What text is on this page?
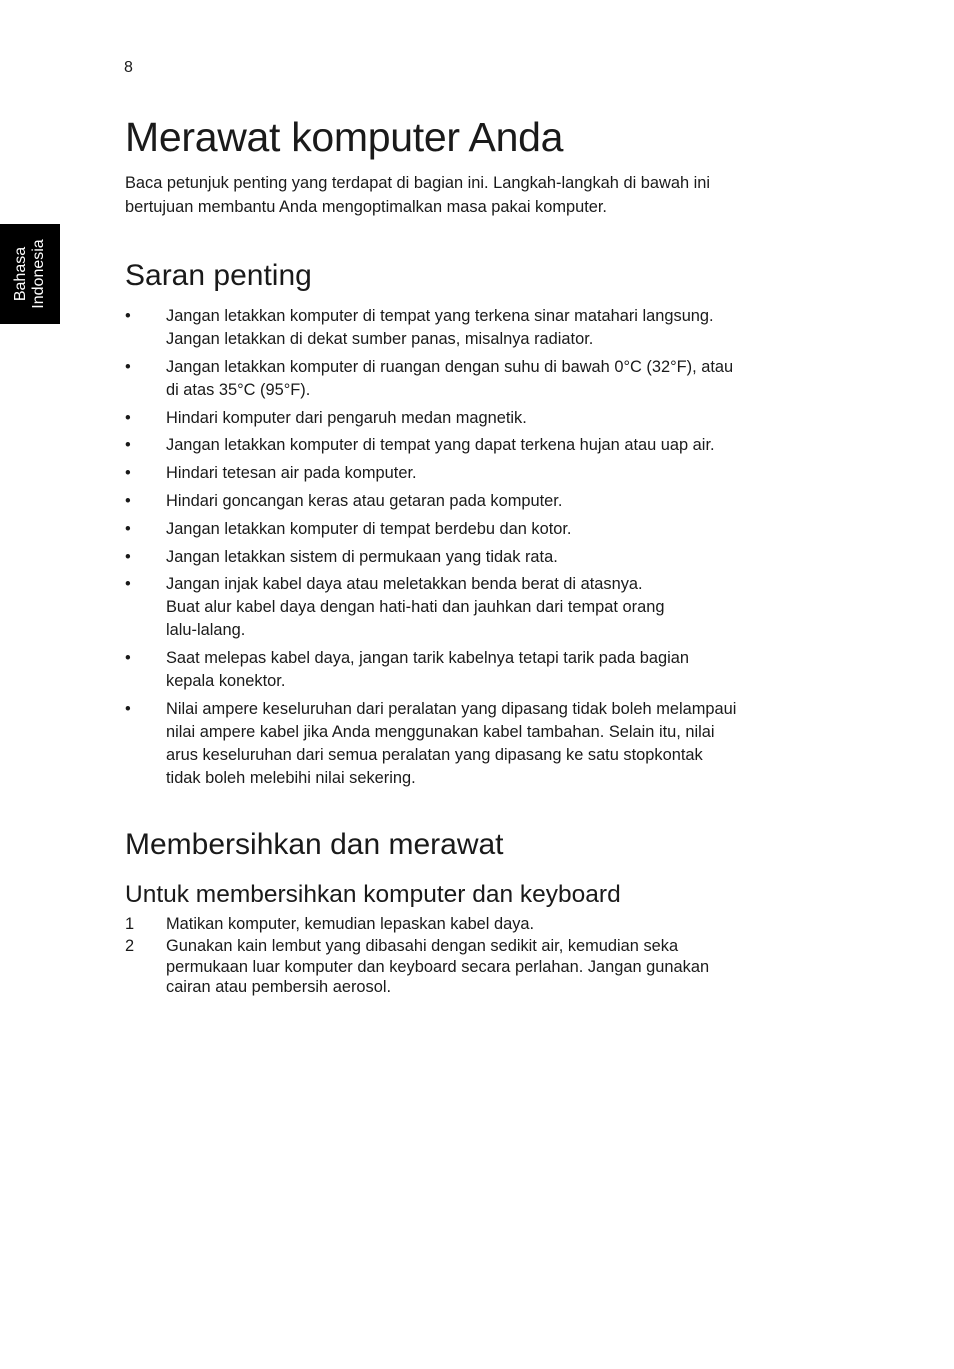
8
Bahasa Indonesia
Merawat komputer Anda

Baca petunjuk penting yang terdapat di bagian ini. Langkah-langkah di bawah ini
bertujuan membantu Anda mengoptimalkan masa pakai komputer.

Saran penting
• Jangan letakkan komputer di tempat yang terkena sinar matahari langsung.
Jangan letakkan di dekat sumber panas, misalnya radiator.
• Jangan letakkan komputer di ruangan dengan suhu di bawah 0°C (32°F), atau
di atas 35°C (95°F).
• Hindari komputer dari pengaruh medan magnetik.
• Jangan letakkan komputer di tempat yang dapat terkena hujan atau uap air.
• Hindari tetesan air pada komputer.
• Hindari goncangan keras atau getaran pada komputer.
• Jangan letakkan komputer di tempat berdebu dan kotor.
• Jangan letakkan sistem di permukaan yang tidak rata.
• Jangan injak kabel daya atau meletakkan benda berat di atasnya.
Buat alur kabel daya dengan hati-hati dan jauhkan dari tempat orang
lalu-lalang.
• Saat melepas kabel daya, jangan tarik kabelnya tetapi tarik pada bagian
kepala konektor.
• Nilai ampere keseluruhan dari peralatan yang dipasang tidak boleh melampaui
nilai ampere kabel jika Anda menggunakan kabel tambahan. Selain itu, nilai
arus keseluruhan dari semua peralatan yang dipasang ke satu stopkontak
tidak boleh melebihi nilai sekering.
Membersihkan dan merawat
Untuk membersihkan komputer dan keyboard
1 Matikan komputer, kemudian lepaskan kabel daya.
2 Gunakan kain lembut yang dibasahi dengan sedikit air, kemudian seka
permukaan luar komputer dan keyboard secara perlahan. Jangan gunakan
cairan atau pembersih aerosol.
